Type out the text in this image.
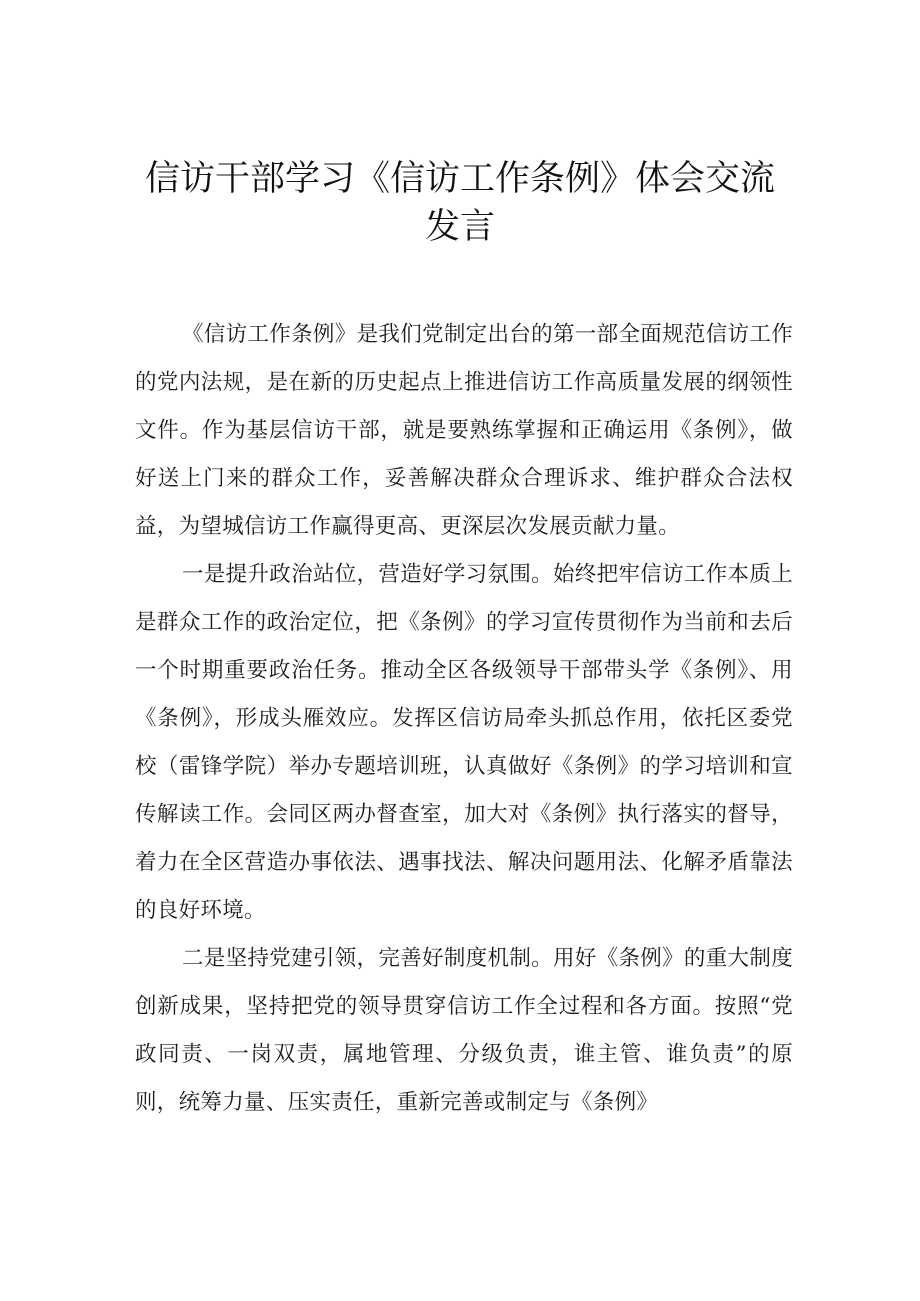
信访干部学习《信访工作条例》体会交流
发言

《信访工作条例》是我们党制定出台的第一部全面规范信访工作的党内法规，是在新的历史起点上推进信访工作高质量发展的纲领性文件。作为基层信访干部，就是要熟练掌握和正确运用《条例》，做好送上门来的群众工作，妥善解决群众合理诉求、维护群众合法权益，为望城信访工作赢得更高、更深层次发展贡献力量。

一是提升政治站位，营造好学习氛围。始终把牢信访工作本质上是群众工作的政治定位，把《条例》的学习宣传贯彻作为当前和去后一个时期重要政治任务。推动全区各级领导干部带头学《条例》、用《条例》，形成头雁效应。发挥区信访局牵头抓总作用，依托区委党校（雷锋学院）举办专题培训班，认真做好《条例》的学习培训和宣传解读工作。会同区两办督查室，加大对《条例》执行落实的督导，着力在全区营造办事依法、遇事找法、解决问题用法、化解矛盾靠法的良好环境。

二是坚持党建引领，完善好制度机制。用好《条例》的重大制度创新成果，坚持把党的领导贯穿信访工作全过程和各方面。按照“党政同责、一岗双责，属地管理、分级负责，谁主管、谁负责”的原则，统筹力量、压实责任，重新完善或制定与《条例》
